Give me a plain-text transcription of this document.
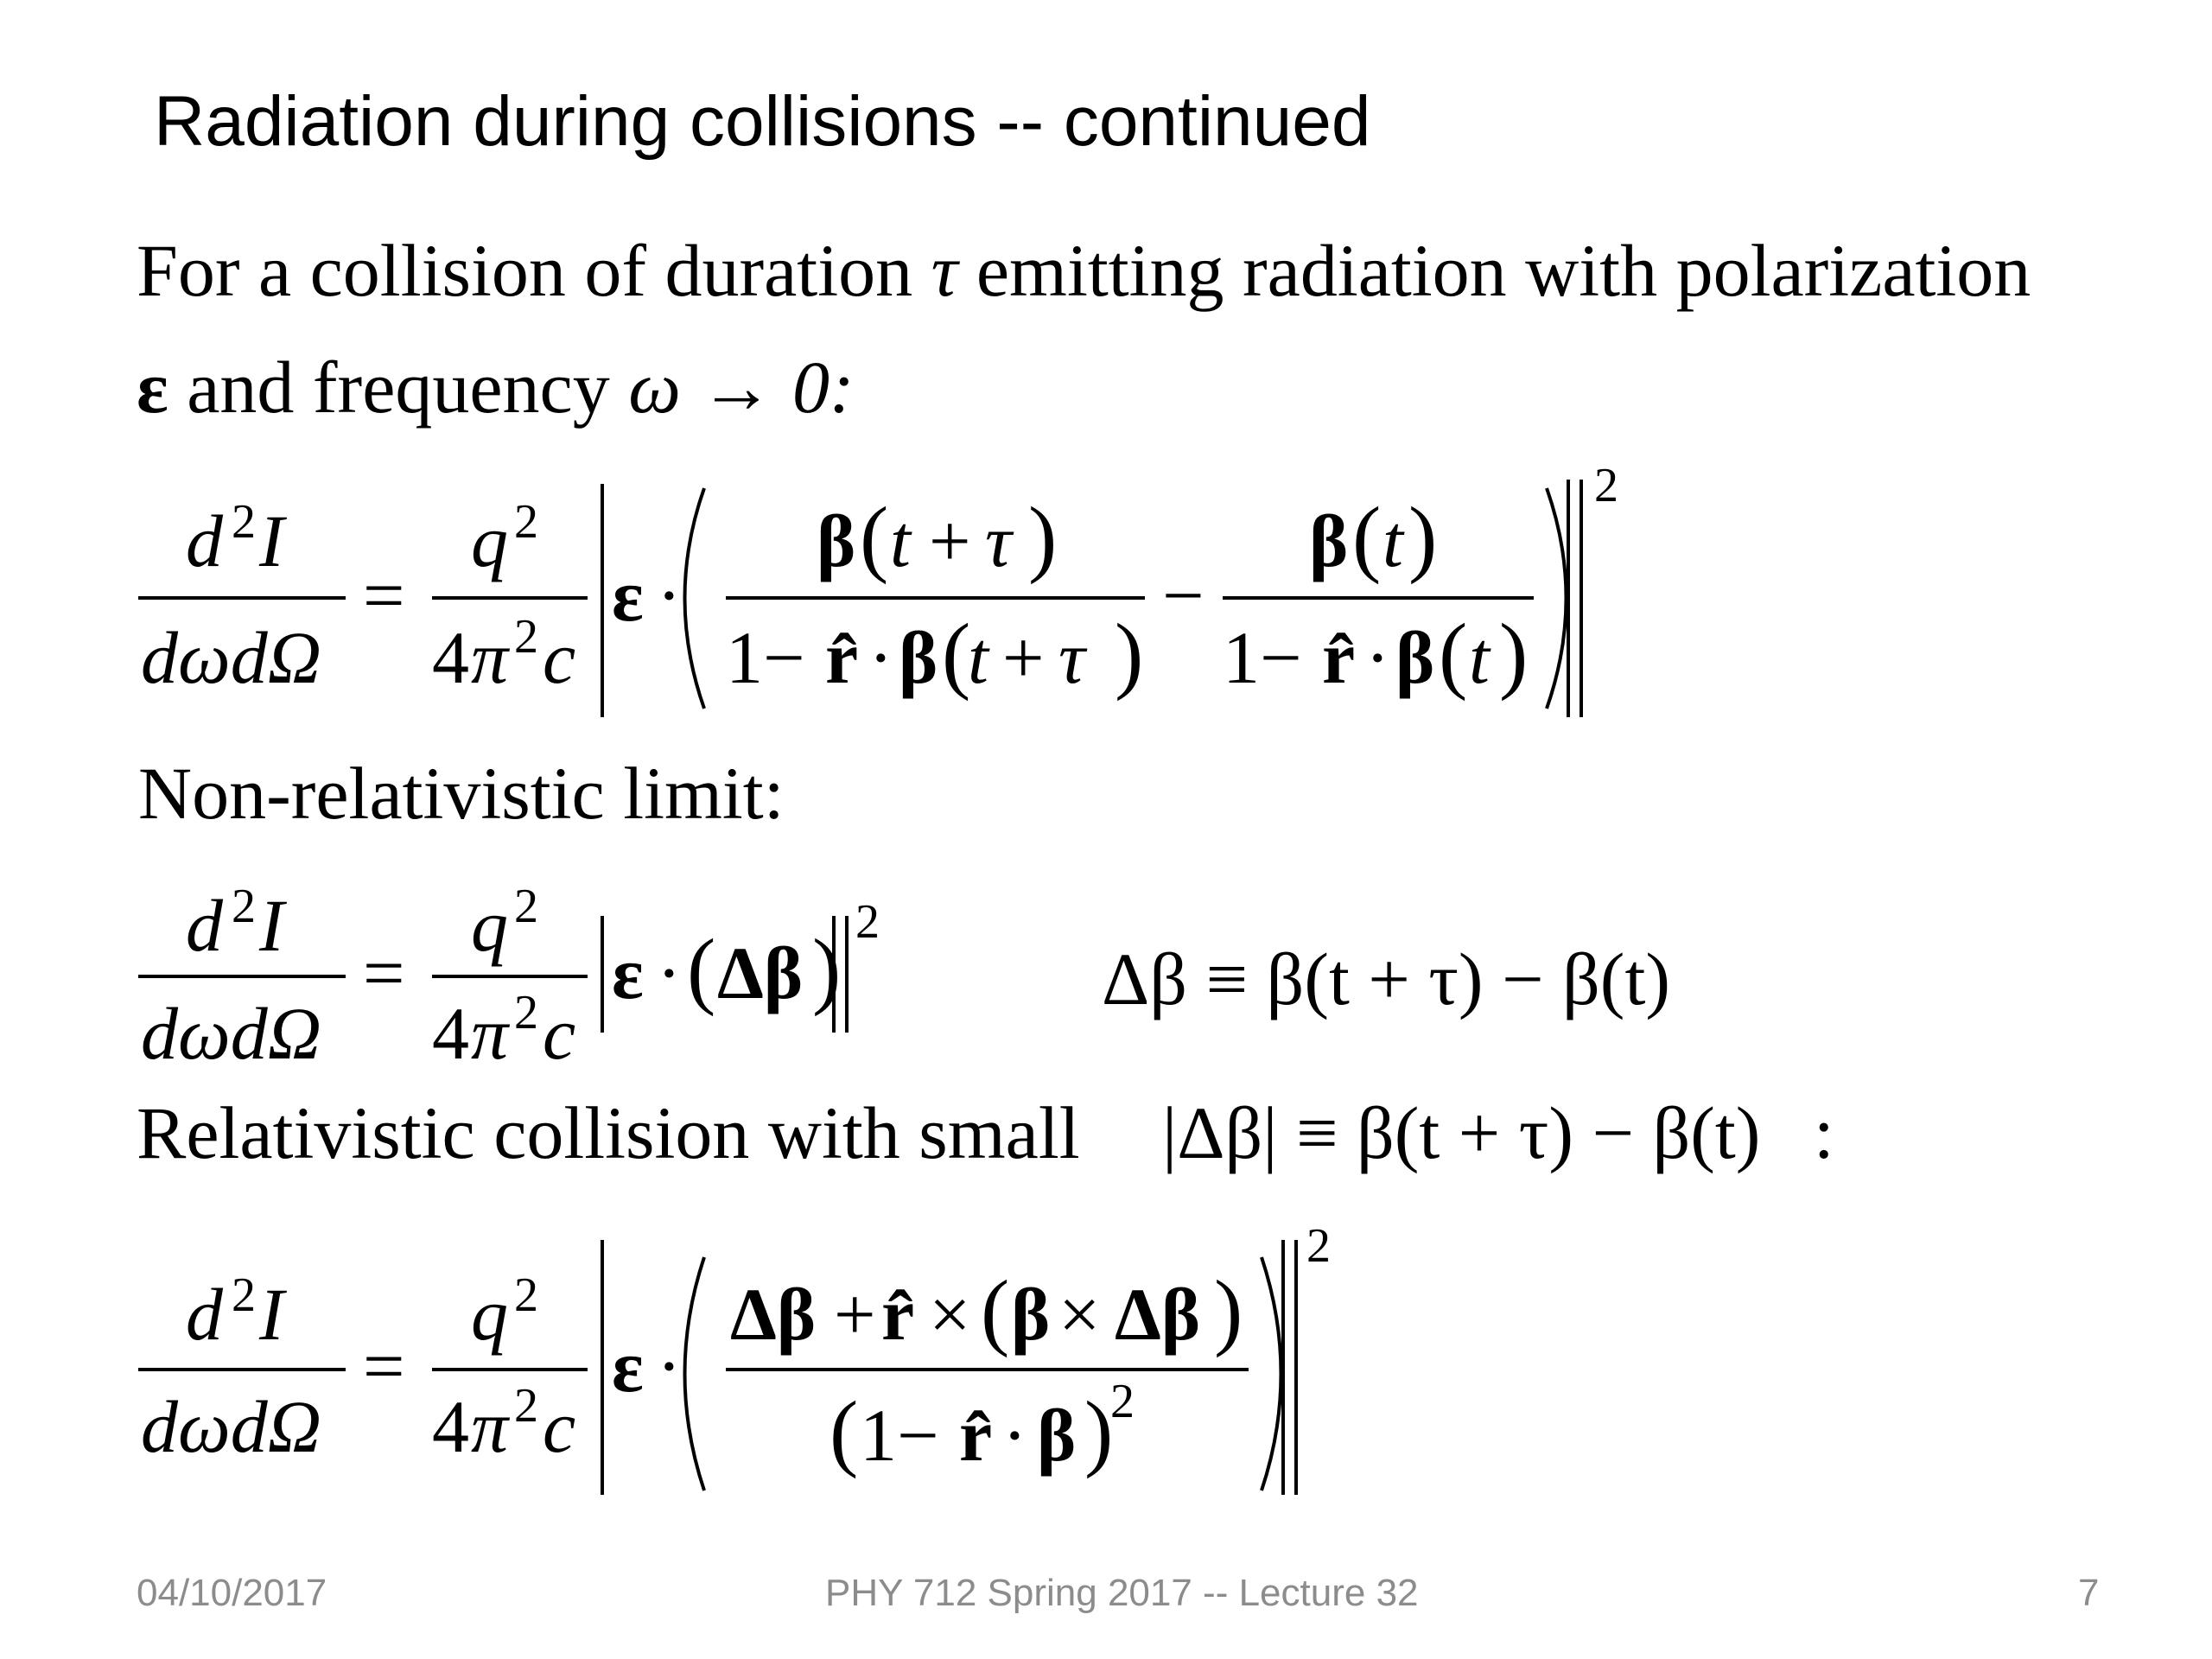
Radiation during collisions -- continued
For a collision of duration τ emitting radiation with polarization
ε and frequency ω → 0:
Non-relativistic limit:
Relativistic collision with small |Δβ| ≡ β(t + τ) − β(t) :
d 2 I
dωdΩ
=
q 2
4 π 2 c
ε ·
β ( t + τ )
1− r̂ · β (
t + τ )
−
β ( t )
1− r̂ · β ( t )
2
d 2 I
dωdΩ
=
q 2
4 π 2 c
ε · ( Δβ ) 2
d 2 I
dωdΩ
=
q 2
4 π 2 c
ε ·
Δβ + r̂ × ( β × Δβ )
( 1− r̂ · β )
2
2
Δβ ≡ β(t + τ) − β(t)
04/10/2017	PHY 712 Spring 2017 -- Lecture 32	7
